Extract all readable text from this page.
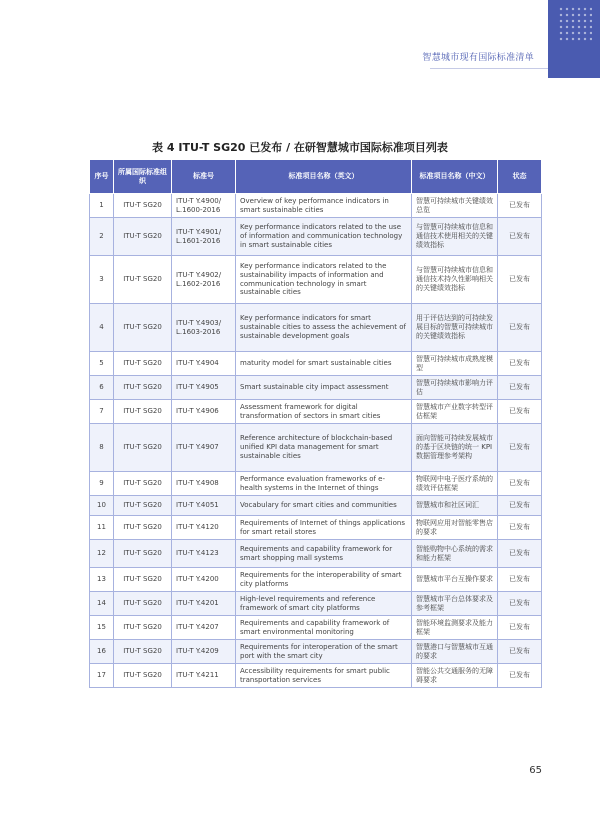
智慧城市现有国际标准清单
表 4 ITU-T SG20 已发布 / 在研智慧城市国际标准项目列表
序号	所属国际标准组织	标准号	标准项目名称（英文）	标准项目名称（中文）	状态
1	ITU-T SG20	ITU-T Y.4900/ L.1600-2016	Overview of key performance indicators in smart sustainable cities	智慧可持续城市关键绩效总览	已发布
2	ITU-T SG20	ITU-T Y.4901/ L.1601-2016	Key performance indicators related to the use of information and communication technology in smart sustainable cities	与智慧可持续城市信息和通信技术使用相关的关键绩效指标	已发布
3	ITU-T SG20	ITU-T Y.4902/ L.1602-2016	Key performance indicators related to the sustainability impacts of information and communication technology in smart sustainable cities	与智慧可持续城市信息和通信技术持久性影响相关的关键绩效指标	已发布
4	ITU-T SG20	ITU-T Y.4903/ L.1603-2016	Key performance indicators for smart sustainable cities to assess the achievement of sustainable development goals	用于评估达到的可持续发展目标的智慧可持续城市的关键绩效指标	已发布
5	ITU-T SG20	ITU-T Y.4904	maturity model for smart sustainable cities	智慧可持续城市成熟度模型	已发布
6	ITU-T SG20	ITU-T Y.4905	Smart sustainable city impact assessment	智慧可持续城市影响力评估	已发布
7	ITU-T SG20	ITU-T Y.4906	Assessment framework for digital transformation of sectors in smart cities	智慧城市产业数字转型评估框架	已发布
8	ITU-T SG20	ITU-T Y.4907	Reference architecture of blockchain-based unified KPI data management for smart sustainable cities	面向智能可持续发展城市的基于区块链的统一 KPI 数据管理参考架构	已发布
9	ITU-T SG20	ITU-T Y.4908	Performance evaluation frameworks of e-health systems in the Internet of things	物联网中电子医疗系统的绩效评估框架	已发布
10	ITU-T SG20	ITU-T Y.4051	Vocabulary for smart cities and communities	智慧城市和社区词汇	已发布
11	ITU-T SG20	ITU-T Y.4120	Requirements of Internet of things applications for smart retail stores	物联网应用对智能零售店的要求	已发布
12	ITU-T SG20	ITU-T Y.4123	Requirements and capability framework for smart shopping mall systems	智能购物中心系统的需求和能力框架	已发布
13	ITU-T SG20	ITU-T Y.4200	Requirements for the interoperability of smart city platforms	智慧城市平台互操作要求	已发布
14	ITU-T SG20	ITU-T Y.4201	High-level requirements and reference framework of smart city platforms	智慧城市平台总体要求及参考框架	已发布
15	ITU-T SG20	ITU-T Y.4207	Requirements and capability framework of smart environmental monitoring	智能环境监测要求及能力框架	已发布
16	ITU-T SG20	ITU-T Y.4209	Requirements for interoperation of the smart port with the smart city	智慧港口与智慧城市互通的要求	已发布
17	ITU-T SG20	ITU-T Y.4211	Accessibility requirements for smart public transportation services	智能公共交通服务的无障碍要求	已发布
65
